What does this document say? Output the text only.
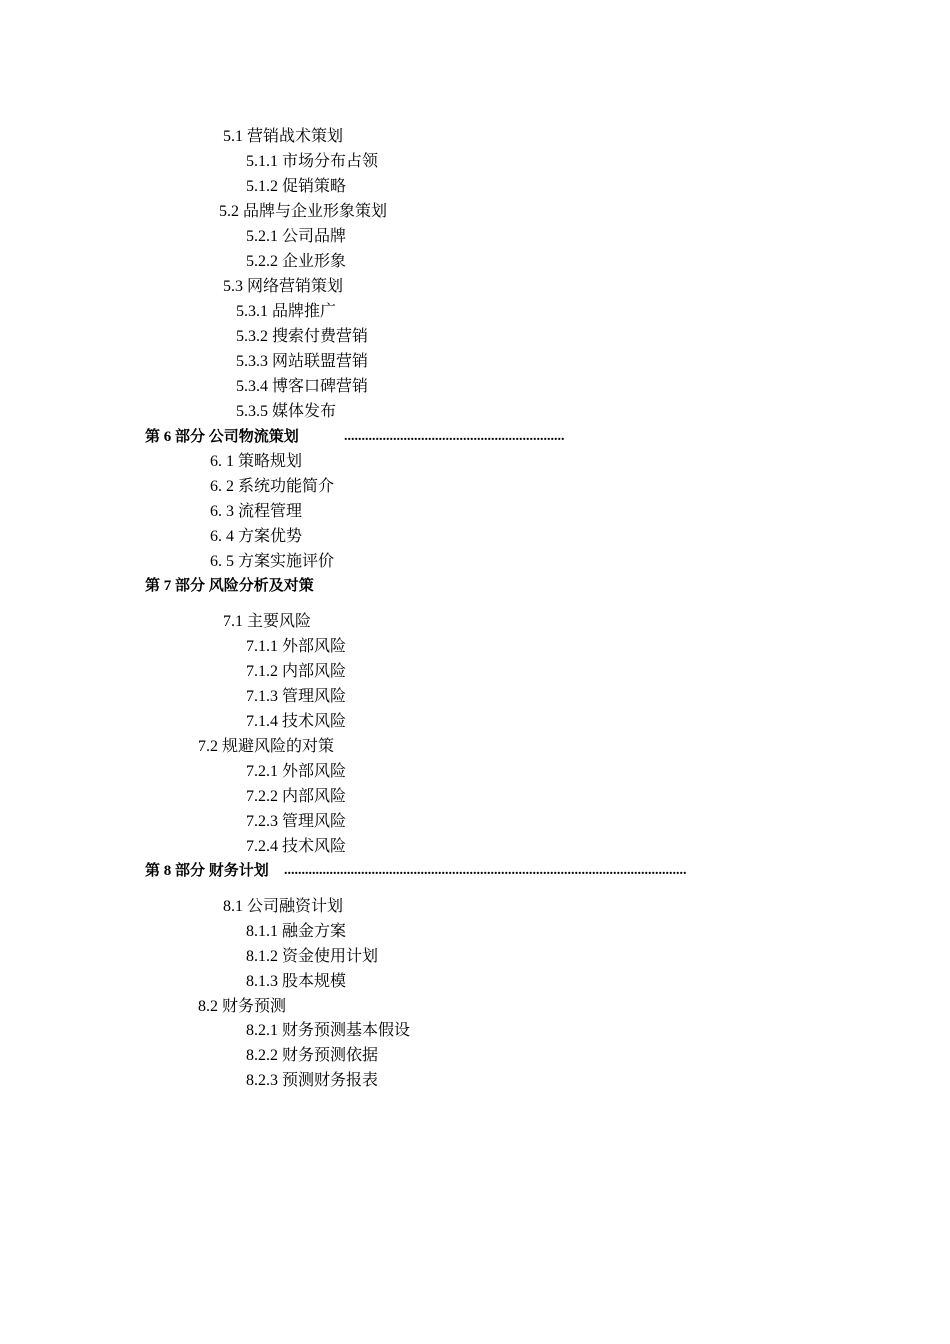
5.1 营销战术策划
5.1.1 市场分布占领
5.1.2 促销策略
5.2 品牌与企业形象策划
5.2.1 公司品牌
5.2.2 企业形象
5.3 网络营销策划
5.3.1 品牌推广
5.3.2 搜索付费营销
5.3.3 网站联盟营销
5.3.4 博客口碑营销
5.3.5 媒体发布
第 6 部分 公司物流策划	...............................................................
6. 1 策略规划
6. 2 系统功能简介
6. 3 流程管理
6. 4 方案优势
6. 5 方案实施评价
第 7 部分 风险分析及对策
7.1 主要风险
7.1.1 外部风险
7.1.2 内部风险
7.1.3 管理风险
7.1.4 技术风险
7.2 规避风险的对策
7.2.1 外部风险
7.2.2 内部风险
7.2.3 管理风险
7.2.4 技术风险
第 8 部分 财务计划 ...................................................................................................................
8.1 公司融资计划
8.1.1 融金方案
8.1.2 资金使用计划
8.1.3 股本规模
8.2 财务预测
8.2.1 财务预测基本假设
8.2.2 财务预测依据
8.2.3 预测财务报表
